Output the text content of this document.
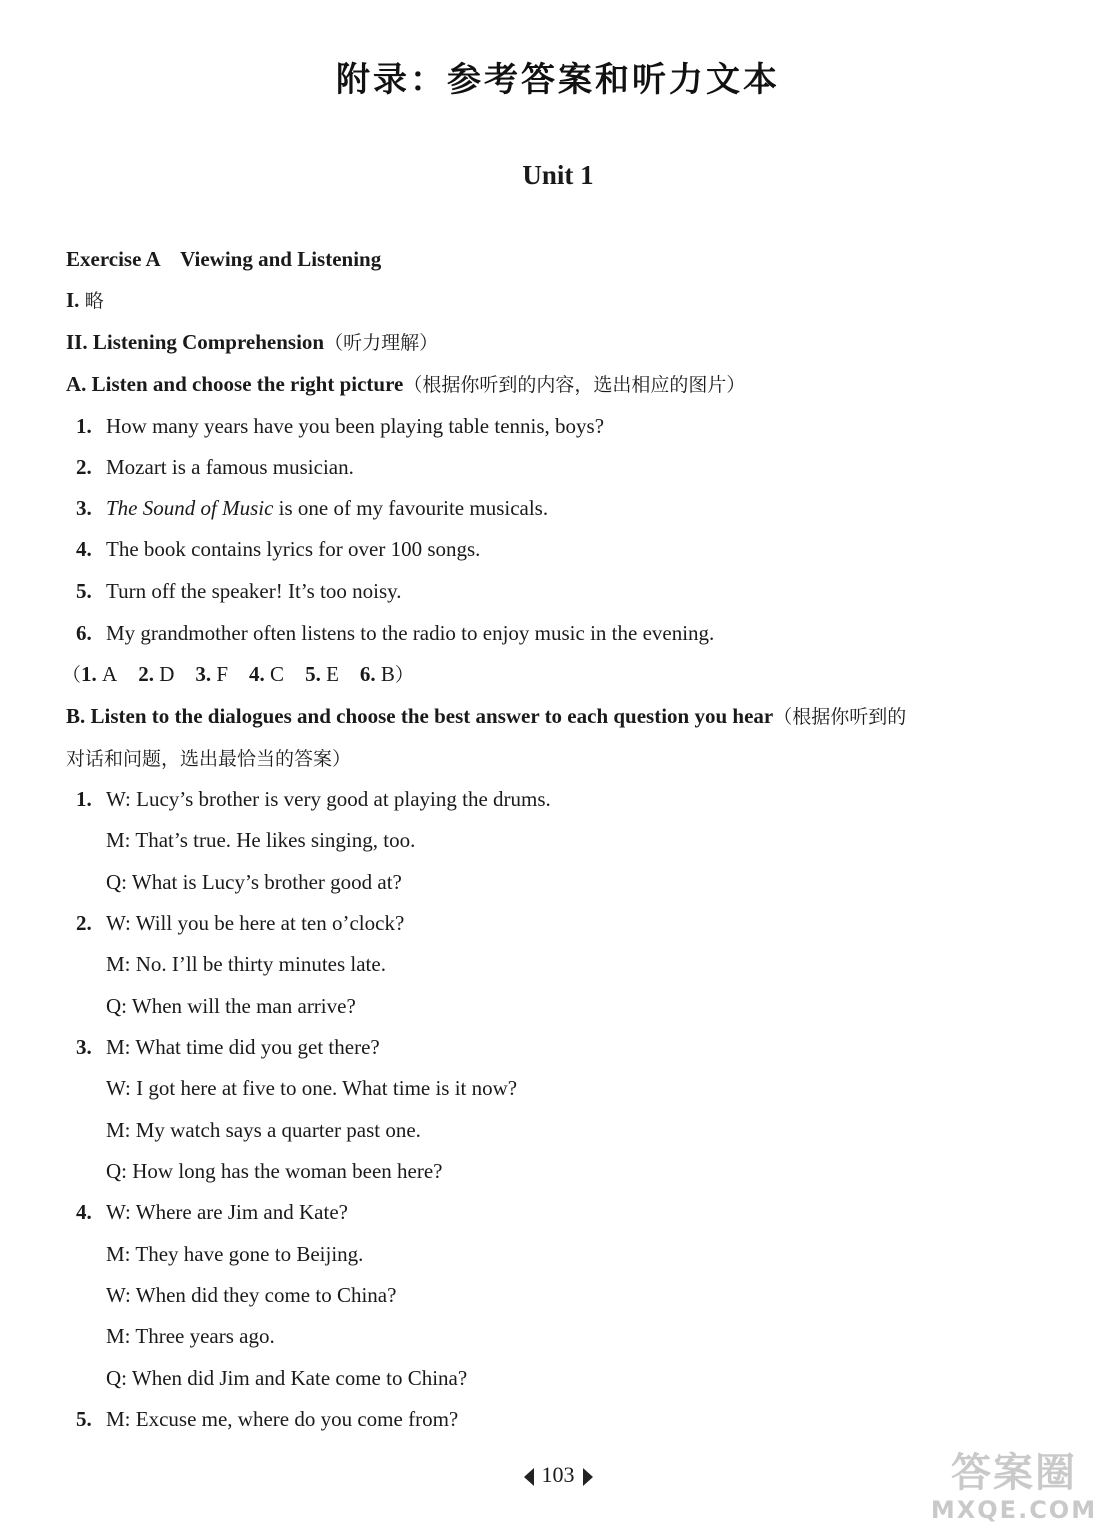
附录：参考答案和听力文本
Unit 1
Exercise A    Viewing and Listening
I. 略
II. Listening Comprehension（听力理解）
A. Listen and choose the right picture（根据你听到的内容，选出相应的图片）
1. How many years have you been playing table tennis, boys?
2. Mozart is a famous musician.
3. The Sound of Music is one of my favourite musicals.
4. The book contains lyrics for over 100 songs.
5. Turn off the speaker! It’s too noisy.
6. My grandmother often listens to the radio to enjoy music in the evening.
（1. A 2. D 3. F 4. C 5. E 6. B）
B. Listen to the dialogues and choose the best answer to each question you hear（根据你听到的
对话和问题，选出最恰当的答案）
1. W: Lucy’s brother is very good at playing the drums.
M: That’s true. He likes singing, too.
Q: What is Lucy’s brother good at?
2. W: Will you be here at ten o’clock?
M: No. I’ll be thirty minutes late.
Q: When will the man arrive?
3. M: What time did you get there?
W: I got here at five to one. What time is it now?
M: My watch says a quarter past one.
Q: How long has the woman been here?
4. W: Where are Jim and Kate?
M: They have gone to Beijing.
W: When did they come to China?
M: Three years ago.
Q: When did Jim and Kate come to China?
5. M: Excuse me, where do you come from?
103	答案圈
MXQE.COM
